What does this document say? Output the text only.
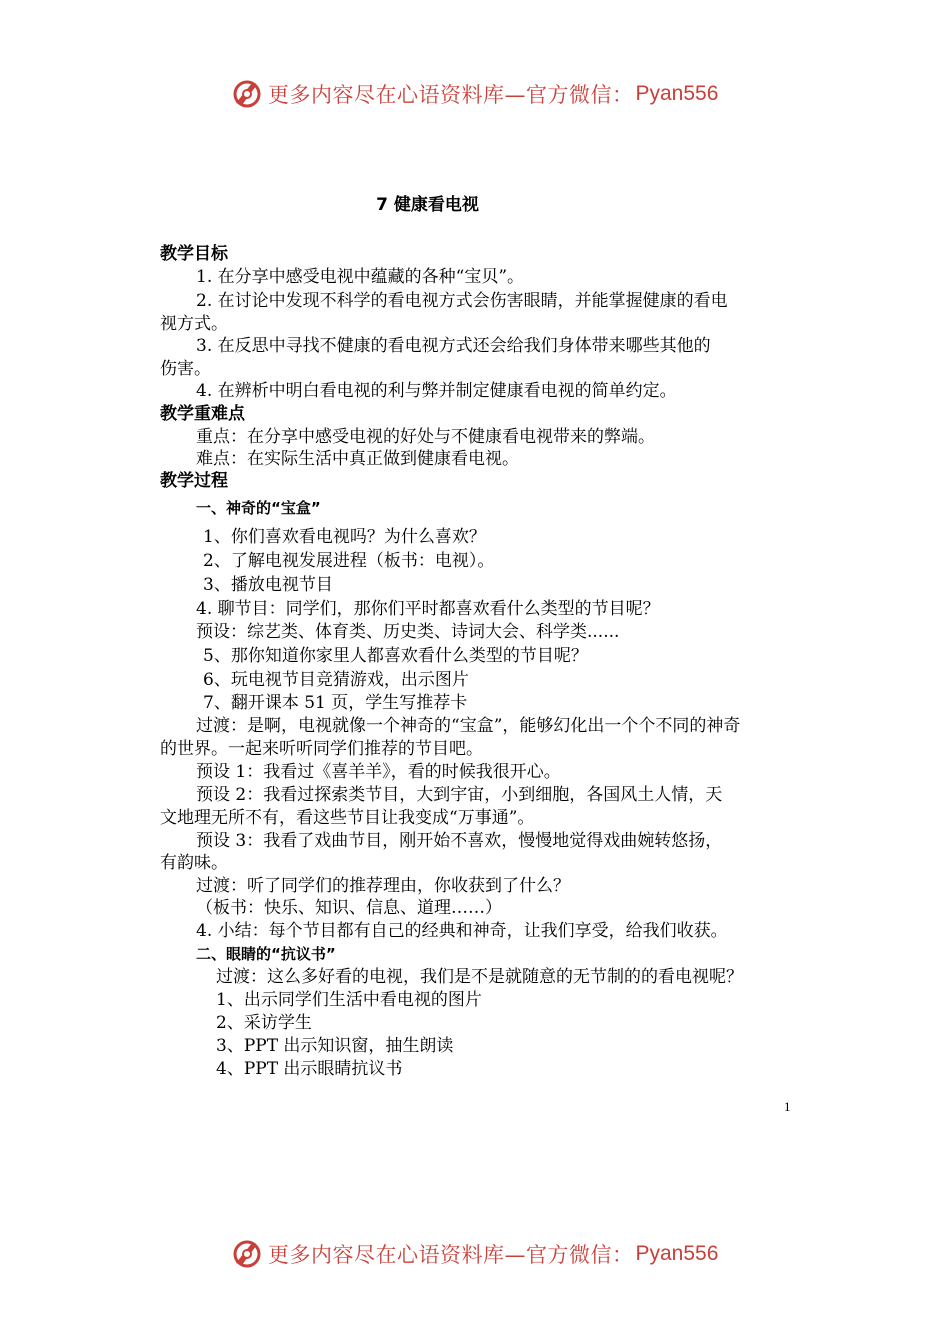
更多内容尽在心语资料库—官方微信： Pyan556
7 健康看电视
教学目标
1. 在分享中感受电视中蕴藏的各种“宝贝”。
2. 在讨论中发现不科学的看电视方式会伤害眼睛，并能掌握健康的看电
视方式。
3. 在反思中寻找不健康的看电视方式还会给我们身体带来哪些其他的
伤害。
4. 在辨析中明白看电视的利与弊并制定健康看电视的简单约定。
教学重难点
重点：在分享中感受电视的好处与不健康看电视带来的弊端。
难点：在实际生活中真正做到健康看电视。
教学过程
一、神奇的“宝盒”
1、你们喜欢看电视吗？为什么喜欢？
2、了解电视发展进程（板书：电视）。
3、播放电视节目
4. 聊节目：同学们，那你们平时都喜欢看什么类型的节目呢？
预设：综艺类、体育类、历史类、诗词大会、科学类......
5、那你知道你家里人都喜欢看什么类型的节目呢？
6、玩电视节目竞猜游戏，出示图片
7、翻开课本 51 页，学生写推荐卡
过渡：是啊，电视就像一个神奇的“宝盒”，能够幻化出一个个不同的神奇
的世界。一起来听听同学们推荐的节目吧。
预设 1：我看过《喜羊羊》，看的时候我很开心。
预设 2：我看过探索类节目，大到宇宙，小到细胞，各国风土人情，天
文地理无所不有，看这些节目让我变成“万事通”。
预设 3：我看了戏曲节目，刚开始不喜欢，慢慢地觉得戏曲婉转悠扬，
有韵味。
过渡：听了同学们的推荐理由，你收获到了什么？
（板书：快乐、知识、信息、道理……）
4. 小结：每个节目都有自己的经典和神奇，让我们享受，给我们收获。
二、眼睛的“抗议书”
过渡：这么多好看的电视，我们是不是就随意的无节制的的看电视呢？
1、出示同学们生活中看电视的图片
2、采访学生
3、PPT 出示知识窗，抽生朗读
4、PPT 出示眼睛抗议书
1
更多内容尽在心语资料库—官方微信： Pyan556
